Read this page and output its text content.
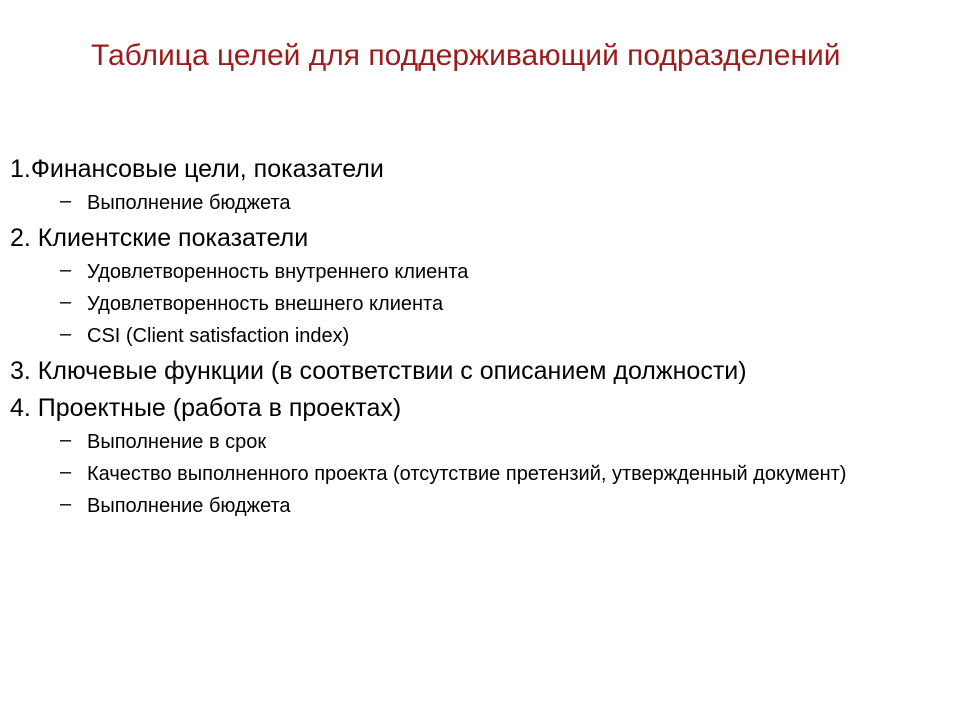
Таблица целей для поддерживающий подразделений
1.Финансовые цели, показатели
– Выполнение бюджета
2. Клиентские показатели
– Удовлетворенность внутреннего клиента
– Удовлетворенность внешнего клиента
– CSI (Client satisfaction index)
3. Ключевые функции (в соответствии с описанием должности)
4. Проектные (работа в проектах)
– Выполнение в срок
– Качество выполненного проекта (отсутствие претензий, утвержденный документ)
– Выполнение бюджета
